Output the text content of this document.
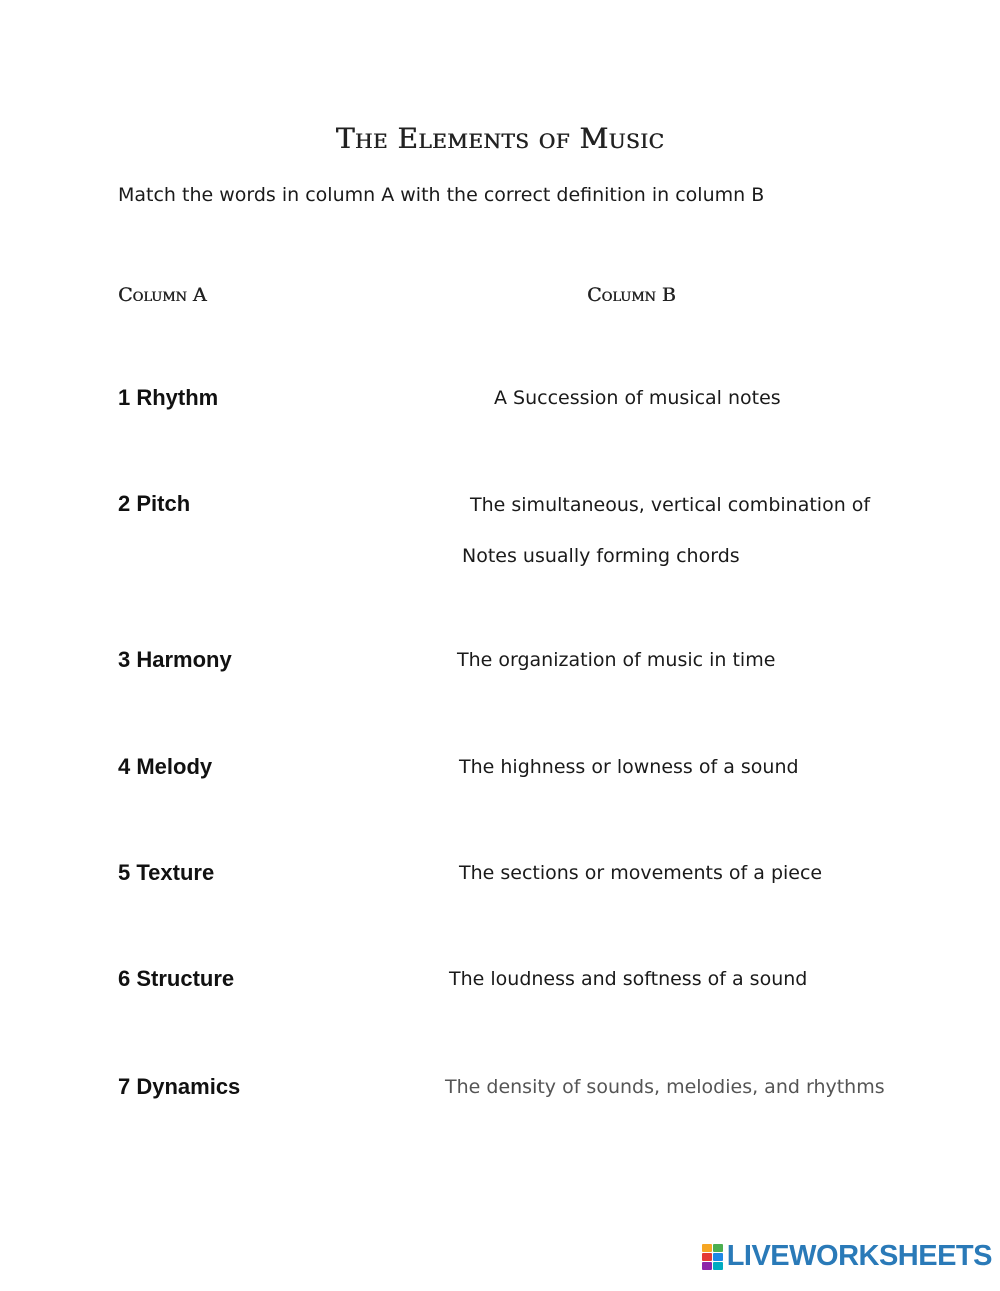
The Elements of Music
Match the words in column A with the correct definition in column B
Column A	Column B
1 Rhythm
2 Pitch
3 Harmony
4 Melody
5 Texture
6 Structure
7 Dynamics
A Succession of musical notes
The simultaneous, vertical combination of
Notes usually forming chords
The organization of music in time
The highness or lowness of a sound
The sections or movements of a piece
The loudness and softness of a sound
The density of sounds, melodies, and rhythms
LIVEWORKSHEETS
